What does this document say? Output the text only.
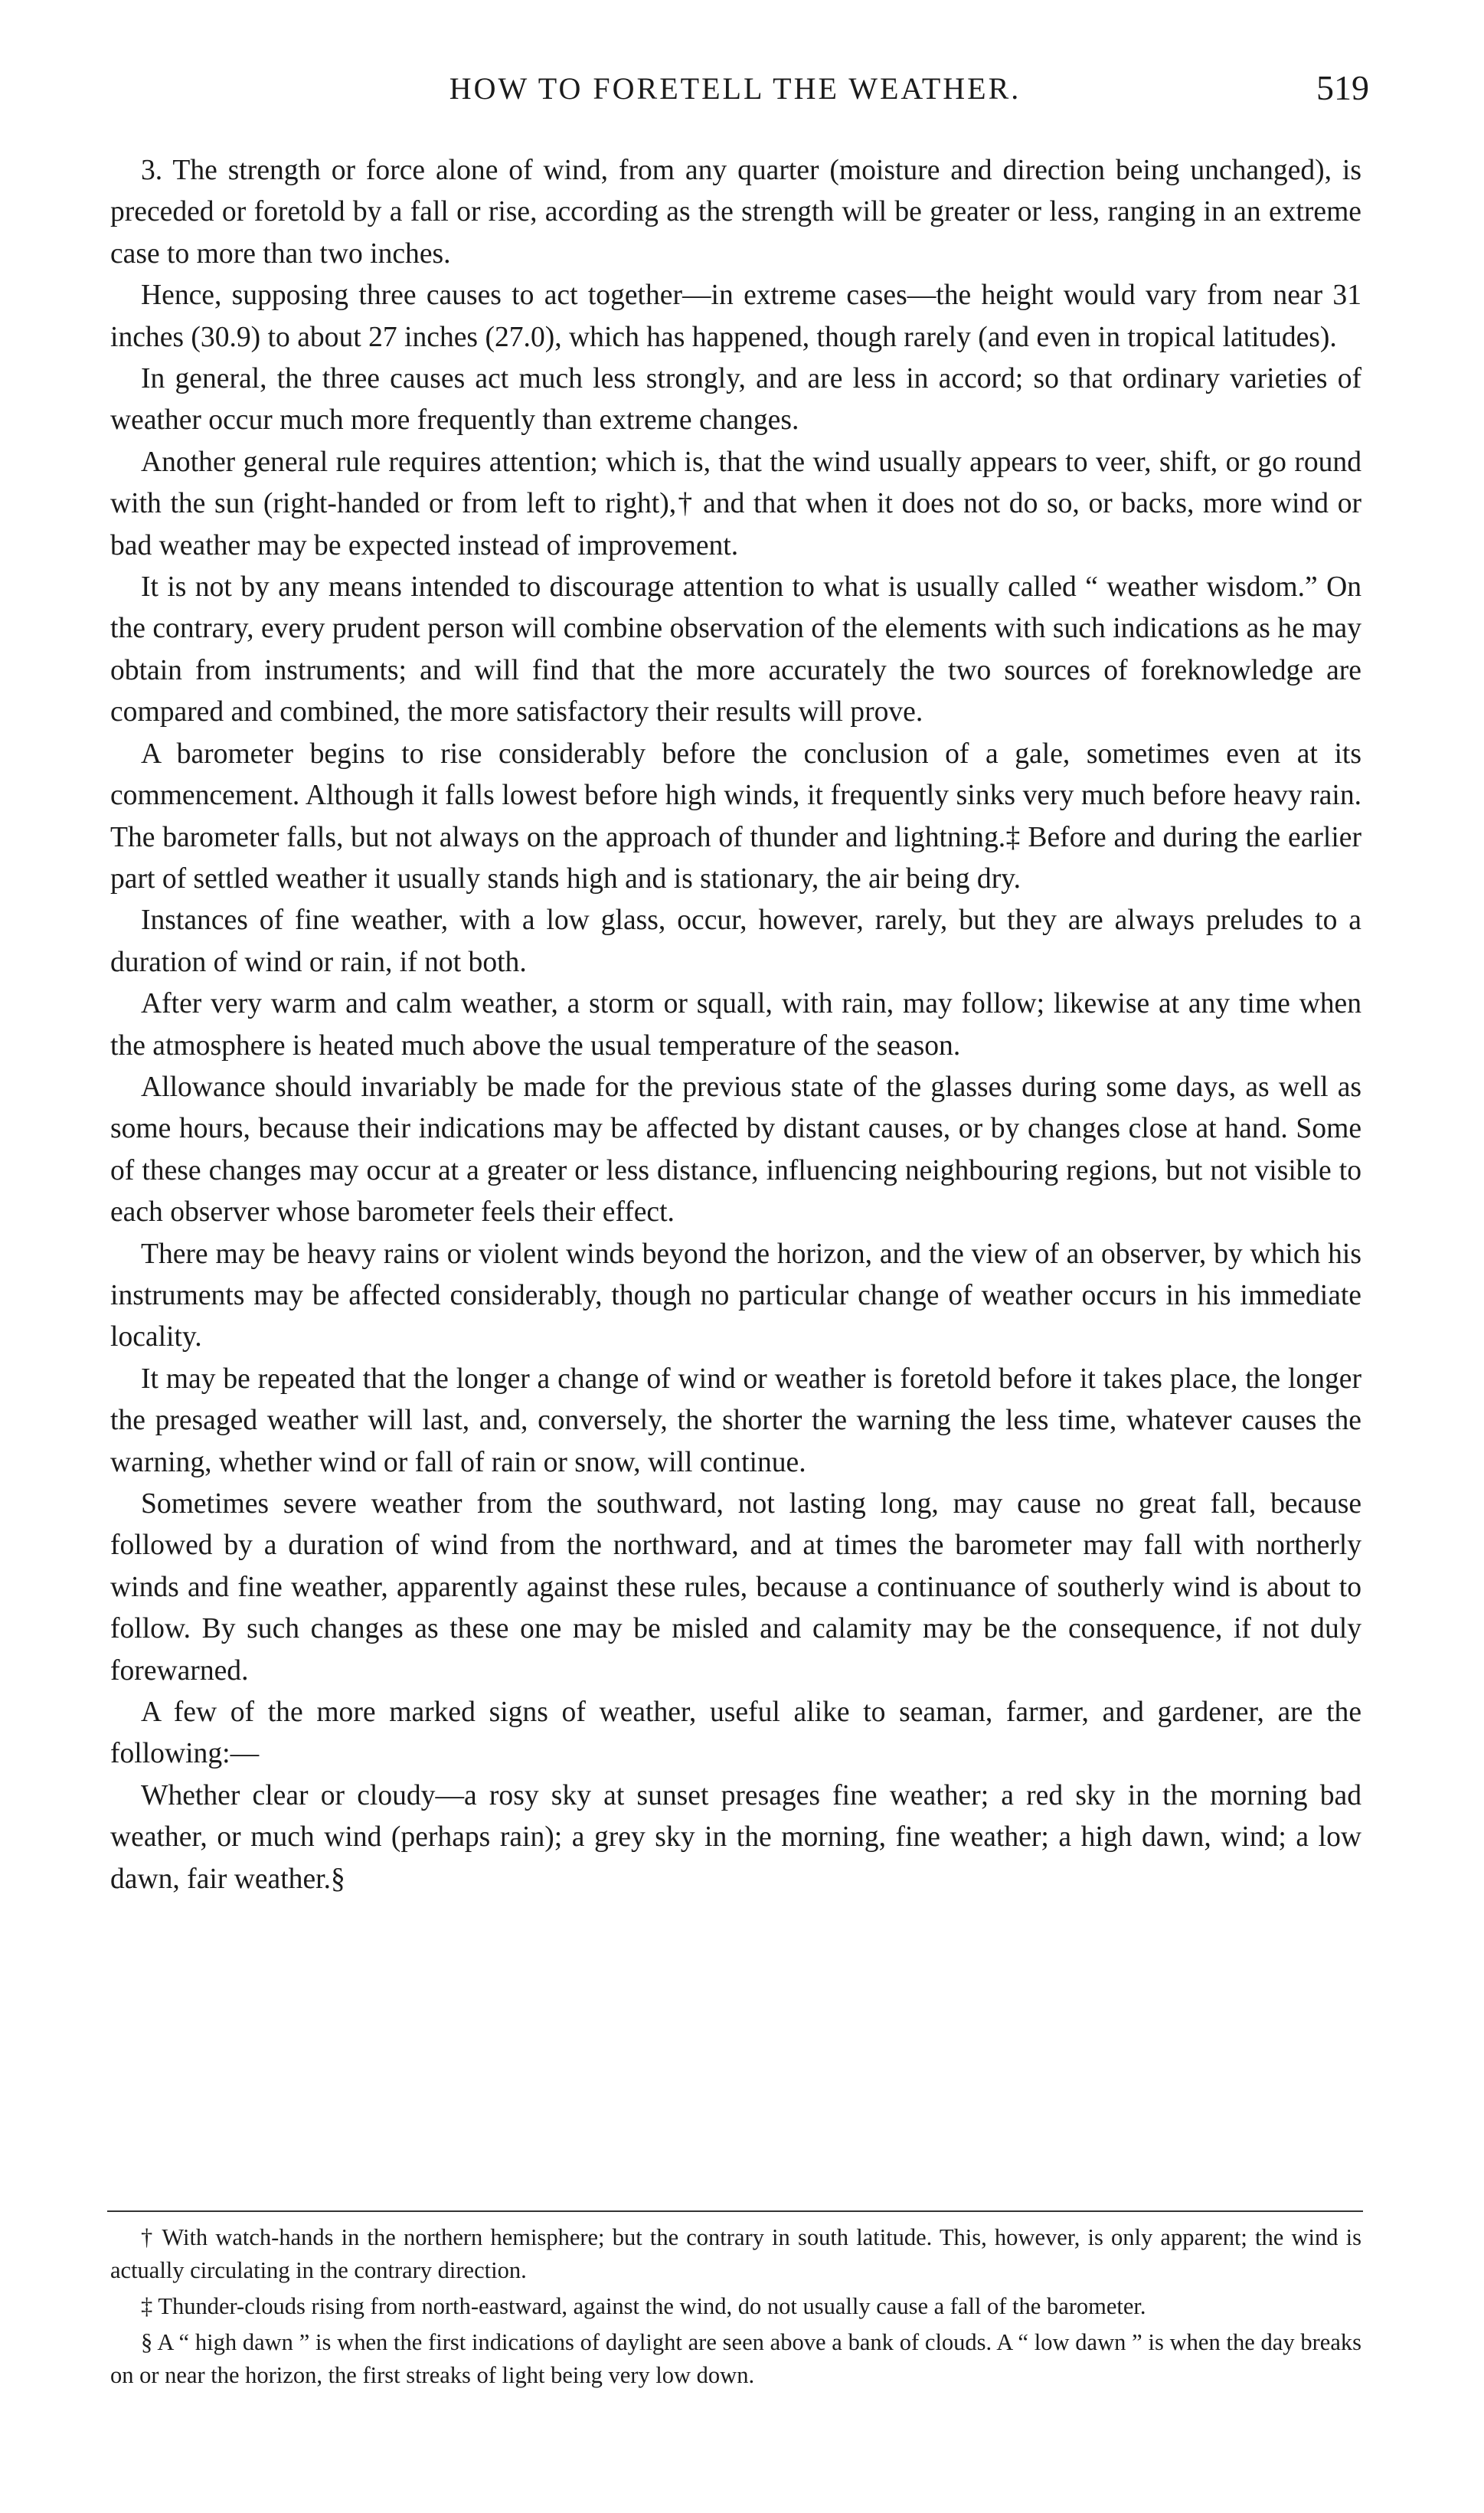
HOW TO FORETELL THE WEATHER.	519

3. The strength or force alone of wind, from any quarter (moisture and direction being unchanged), is preceded or foretold by a fall or rise, according as the strength will be greater or less, ranging in an extreme case to more than two inches.

Hence, supposing three causes to act together—in extreme cases—the height would vary from near 31 inches (30.9) to about 27 inches (27.0), which has happened, though rarely (and even in tropical latitudes).

In general, the three causes act much less strongly, and are less in accord; so that ordinary varieties of weather occur much more frequently than extreme changes.

Another general rule requires attention; which is, that the wind usually appears to veer, shift, or go round with the sun (right-handed or from left to right),† and that when it does not do so, or backs, more wind or bad weather may be expected instead of improvement.

It is not by any means intended to discourage attention to what is usually called “ weather wisdom.” On the contrary, every prudent person will combine observation of the elements with such indications as he may obtain from instruments; and will find that the more accurately the two sources of foreknowledge are compared and combined, the more satisfactory their results will prove.

A barometer begins to rise considerably before the conclusion of a gale, sometimes even at its commencement. Although it falls lowest before high winds, it frequently sinks very much before heavy rain. The barometer falls, but not always on the approach of thunder and lightning.‡ Before and during the earlier part of settled weather it usually stands high and is stationary, the air being dry.

Instances of fine weather, with a low glass, occur, however, rarely, but they are always preludes to a duration of wind or rain, if not both.

After very warm and calm weather, a storm or squall, with rain, may follow; likewise at any time when the atmosphere is heated much above the usual temperature of the season.

Allowance should invariably be made for the previous state of the glasses during some days, as well as some hours, because their indications may be affected by distant causes, or by changes close at hand. Some of these changes may occur at a greater or less distance, influencing neighbouring regions, but not visible to each observer whose barometer feels their effect.

There may be heavy rains or violent winds beyond the horizon, and the view of an observer, by which his instruments may be affected considerably, though no particular change of weather occurs in his immediate locality.

It may be repeated that the longer a change of wind or weather is foretold before it takes place, the longer the presaged weather will last, and, conversely, the shorter the warning the less time, whatever causes the warning, whether wind or fall of rain or snow, will continue.

Sometimes severe weather from the southward, not lasting long, may cause no great fall, because followed by a duration of wind from the northward, and at times the barometer may fall with northerly winds and fine weather, apparently against these rules, because a continuance of southerly wind is about to follow. By such changes as these one may be misled and calamity may be the consequence, if not duly forewarned.

A few of the more marked signs of weather, useful alike to seaman, farmer, and gardener, are the following:—

Whether clear or cloudy—a rosy sky at sunset presages fine weather; a red sky in the morning bad weather, or much wind (perhaps rain); a grey sky in the morning, fine weather; a high dawn, wind; a low dawn, fair weather.§

† With watch-hands in the northern hemisphere; but the contrary in south latitude. This, however, is only apparent; the wind is actually circulating in the contrary direction.

‡ Thunder-clouds rising from north-eastward, against the wind, do not usually cause a fall of the barometer.

§ A “ high dawn ” is when the first indications of daylight are seen above a bank of clouds. A “ low dawn ” is when the day breaks on or near the horizon, the first streaks of light being very low down.
